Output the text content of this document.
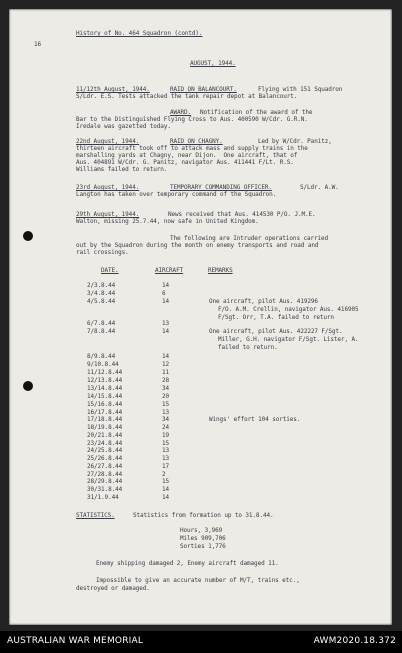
History of No. 464 Squadron (contd).
16
AUGUST, 1944.
11/12th August, 1944.	RAID ON BALANCOURT.	Flying with 151 Squadron
S/Ldr. E.S. Tests attacked the tank repair depot at Balancourt.
AWARD. Notification of the award of the
Bar to the Distinguished Flying Cross to Aus. 400590 W/Cdr. G.R.N.
Iredale was gazetted today.
22nd August, 1944.	RAID ON CHAGNY.	Led by W/Cdr. Panitz,
thirteen aircraft took off to attack mass and supply trains in the
marshalling yards at Chagny, near Dijon.  One aircraft, that of
Aus. 404891 W/Cdr. G. Panitz, navigator Aus. 411441 F/Lt. R.S.
Williams failed to return.
23rd August, 1944.	TEMPORARY COMMANDING OFFICER.	S/Ldr. A.W.
Langton has taken over temporary command of the Squadron.
29th August, 1944.	News received that Aus. 414530 P/O. J.M.E.
Walton, missing 25.7.44, now safe in United Kingdom.
The following are Intruder operations carried
out by the Squadron during the month on enemy transports and road and
rail crossings.
DATE.	AIRCRAFT	REMARKS
2/3.8.44	14
3/4.8.44	6
4/5.8.44	14	One aircraft, pilot Aus. 419296
F/O. A.M. Crellin, navigator Aus. 416905
F/Sgt. Orr, T.A. failed to return
6/7.8.44	13
7/8.8.44	14	One aircraft, pilot Aus. 422227 F/Sgt.
Miller, G.H. navigator F/Sgt. Lister, A.
failed to return.
8/9.8.44	14
9/10.8.44	12
11/12.8.44	11
12/13.8.44	28
13/14.8.44	34
14/15.8.44	20
15/16.8.44	15
16/17.8.44	13
17/18.8.44	34	Wings' effort 104 sorties.
18/19.8.44	24
20/21.8.44	19
23/24.8.44	15
24/25.8.44	13
25/26.8.44	13
26/27.8.44	17
27/28.8.44	2
28/29.8.44	15
30/31.8.44	14
31/1.9.44	14
STATISTICS.	Statistics from formation up to 31.8.44.
Hours, 3,969
Miles 909,706
Sorties 1,776
Enemy shipping damaged 2, Enemy aircraft damaged 11.
Impossible to give an accurate number of M/T, trains etc.,
destroyed or damaged.
AUSTRALIAN WAR MEMORIAL	AWM2020.18.372
